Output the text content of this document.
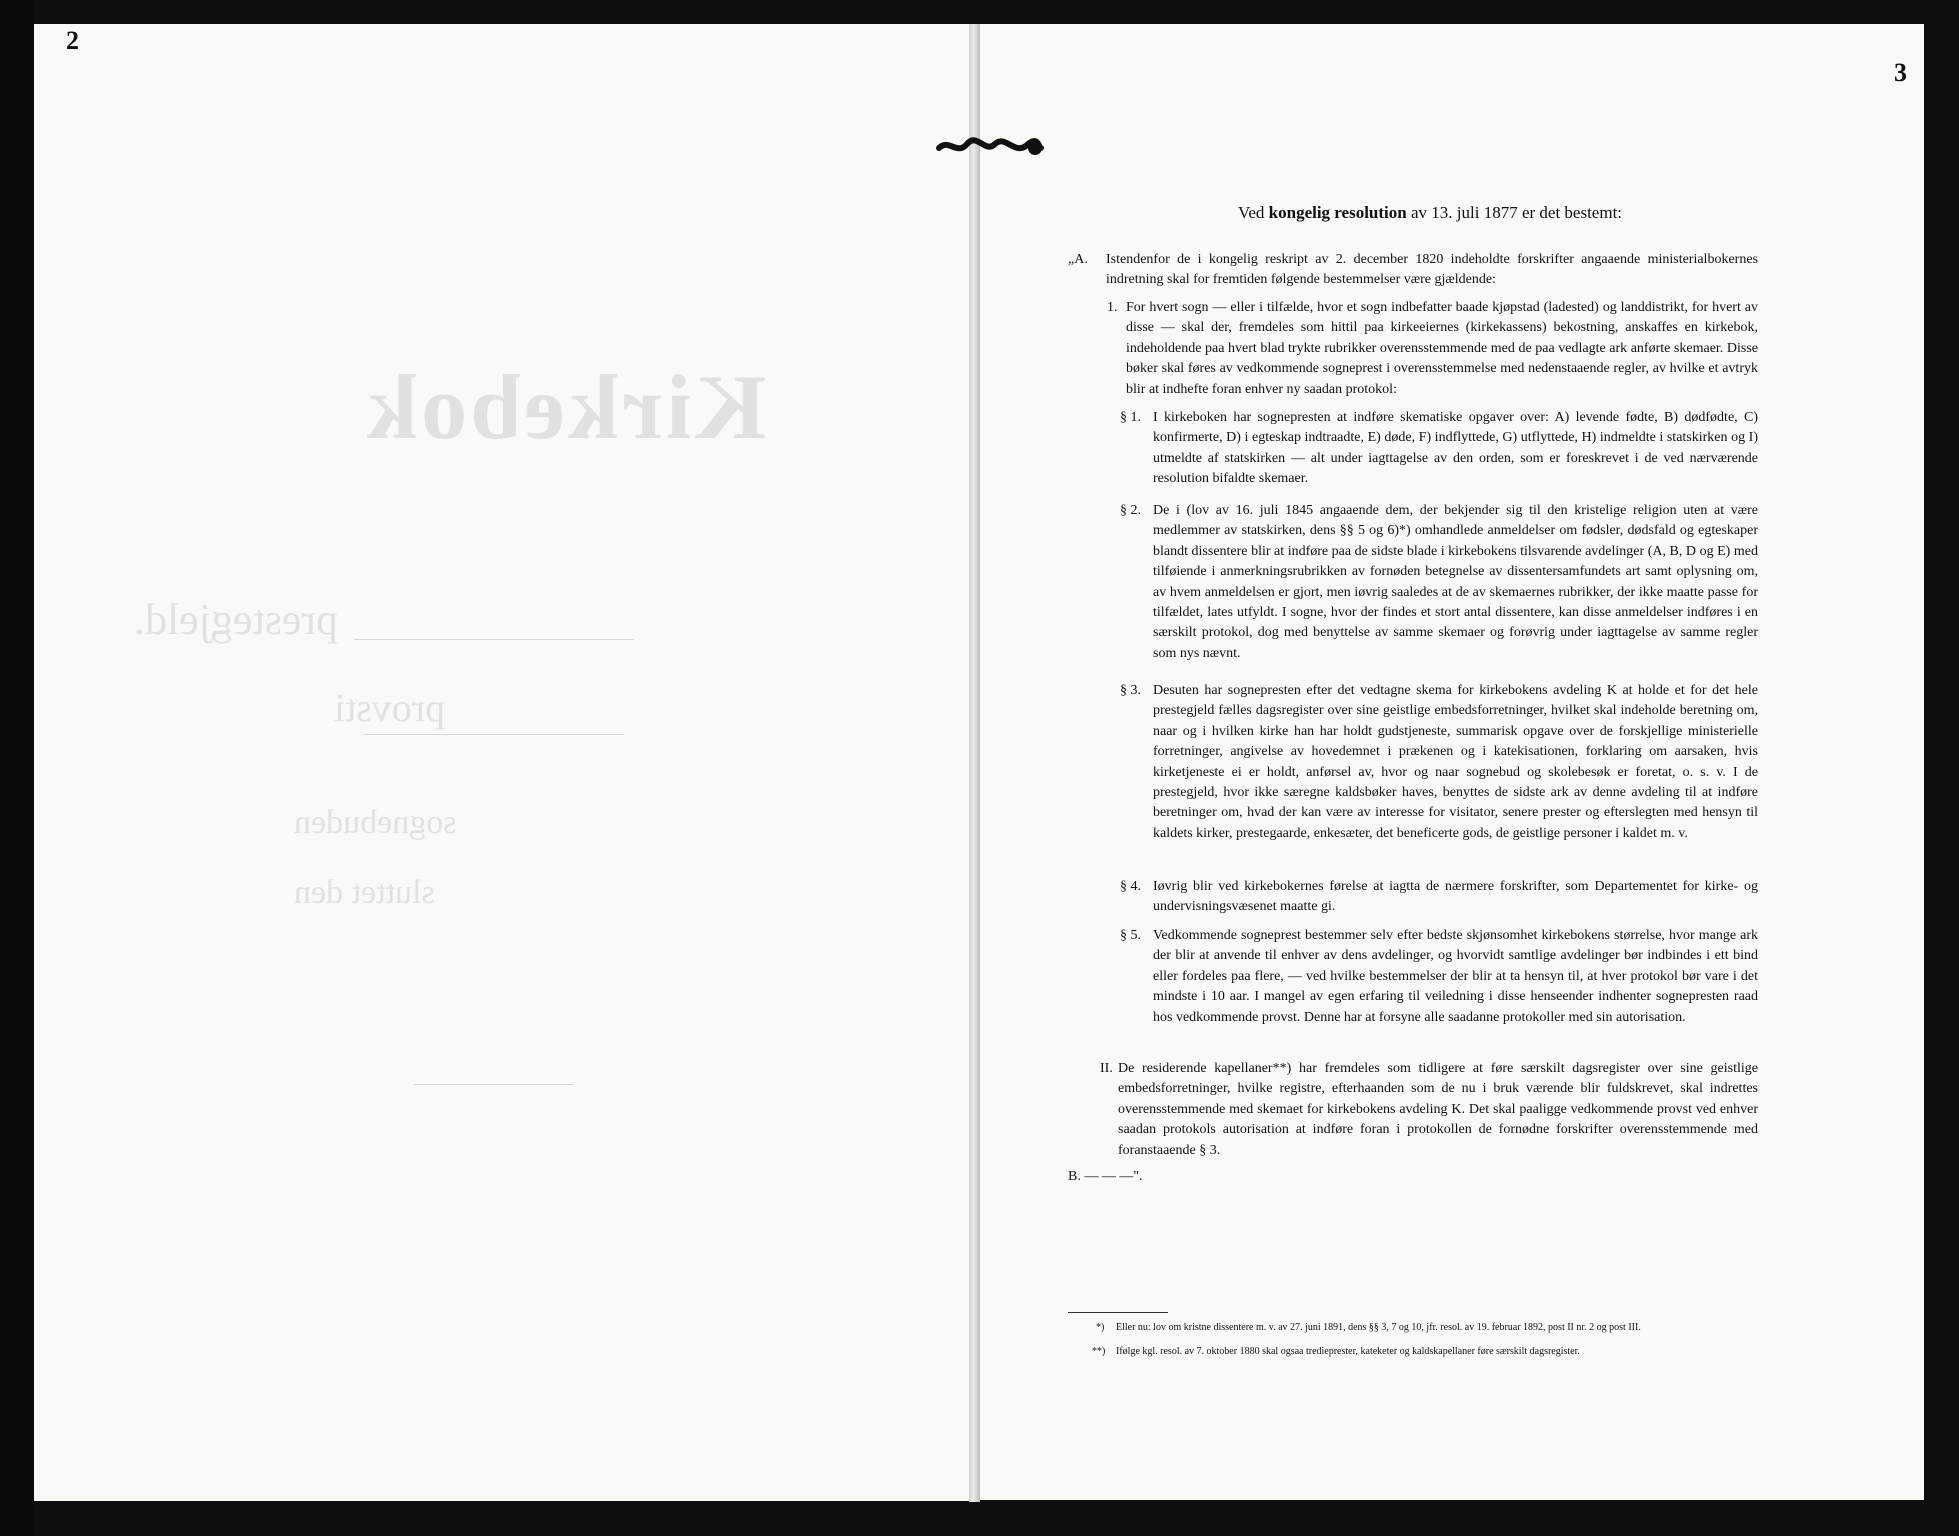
2
Kirkebok
prestegjeld.
provsti
sognebuden
sluttet den
3
Ved kongelig resolution av 13. juli 1877 er det bestemt:
„A. Istendenfor de i kongelig reskript av 2. december 1820 indeholdte forskrifter angaaende ministerialbokernes indretning skal for fremtiden følgende bestemmelser være gjældende:
1. For hvert sogn — eller i tilfælde, hvor et sogn indbefatter baade kjøpstad (ladested) og landdistrikt, for hvert av disse — skal der, fremdeles som hittil paa kirkeeiernes (kirkekassens) bekostning, anskaffes en kirkebok, indeholdende paa hvert blad trykte rubrikker overensstemmende med de paa vedlagte ark anførte skemaer. Disse bøker skal føres av vedkommende sogneprest i overensstemmelse med nedenstaaende regler, av hvilke et avtryk blir at indhefte foran enhver ny saadan protokol:
§ 1. I kirkeboken har sognepresten at indføre skematiske opgaver over: A) levende fødte, B) dødfødte, C) konfirmerte, D) i egteskap indtraadte, E) døde, F) indflyttede, G) utflyttede, H) indmeldte i statskirken og I) utmeldte af statskirken — alt under iagttagelse av den orden, som er foreskrevet i de ved nærværende resolution bifaldte skemaer.
§ 2. De i (lov av 16. juli 1845 angaaende dem, der bekjender sig til den kristelige religion uten at være medlemmer av statskirken, dens §§ 5 og 6)*) omhandlede anmeldelser om fødsler, dødsfald og egteskaper blandt dissentere blir at indføre paa de sidste blade i kirkebokens tilsvarende avdelinger (A, B, D og E) med tilføiende i anmerkningsrubrikken av fornøden betegnelse av dissentersamfundets art samt oplysning om, av hvem anmeldelsen er gjort, men iøvrig saaledes at de av skemaernes rubrikker, der ikke maatte passe for tilfældet, lates utfyldt. I sogne, hvor der findes et stort antal dissentere, kan disse anmeldelser indføres i en særskilt protokol, dog med benyttelse av samme skemaer og forøvrig under iagttagelse av samme regler som nys nævnt.
§ 3. Desuten har sognepresten efter det vedtagne skema for kirkebokens avdeling K at holde et for det hele prestegjeld fælles dagsregister over sine geistlige embedsforretninger, hvilket skal indeholde beretning om, naar og i hvilken kirke han har holdt gudstjeneste, summarisk opgave over de forskjellige ministerielle forretninger, angivelse av hovedemnet i prækenen og i katekisationen, forklaring om aarsaken, hvis kirketjeneste ei er holdt, anførsel av, hvor og naar sognebud og skolebesøk er foretat, o. s. v. I de prestegjeld, hvor ikke særegne kaldsbøker haves, benyttes de sidste ark av denne avdeling til at indføre beretninger om, hvad der kan være av interesse for visitator, senere prester og efterslegten med hensyn til kaldets kirker, prestegaarde, enkesæter, det beneficerte gods, de geistlige personer i kaldet m. v.
§ 4. Iøvrig blir ved kirkebokernes førelse at iagtta de nærmere forskrifter, som Departementet for kirke- og undervisningsvæsenet maatte gi.
§ 5. Vedkommende sogneprest bestemmer selv efter bedste skjønsomhet kirkebokens størrelse, hvor mange ark der blir at anvende til enhver av dens avdelinger, og hvorvidt samtlige avdelinger bør indbindes i ett bind eller fordeles paa flere, — ved hvilke bestemmelser der blir at ta hensyn til, at hver protokol bør vare i det mindste i 10 aar. I mangel av egen erfaring til veiledning i disse henseender indhenter sognepresten raad hos vedkommende provst. Denne har at forsyne alle saadanne protokoller med sin autorisation.
II. De residerende kapellaner**) har fremdeles som tidligere at føre særskilt dagsregister over sine geistlige embedsforretninger, hvilke registre, efterhaanden som de nu i bruk værende blir fuldskrevet, skal indrettes overensstemmende med skemaet for kirkebokens avdeling K. Det skal paaligge vedkommende provst ved enhver saadan protokols autorisation at indføre foran i protokollen de fornødne forskrifter overensstemmende med foranstaaende § 3.
B. — — —".
*) Eller nu: lov om kristne dissentere m. v. av 27. juni 1891, dens §§ 3, 7 og 10, jfr. resol. av 19. februar 1892, post II nr. 2 og post III.
**) Ifølge kgl. resol. av 7. oktober 1880 skal ogsaa tredieprester, kateketer og kaldskapellaner føre særskilt dagsregister.
